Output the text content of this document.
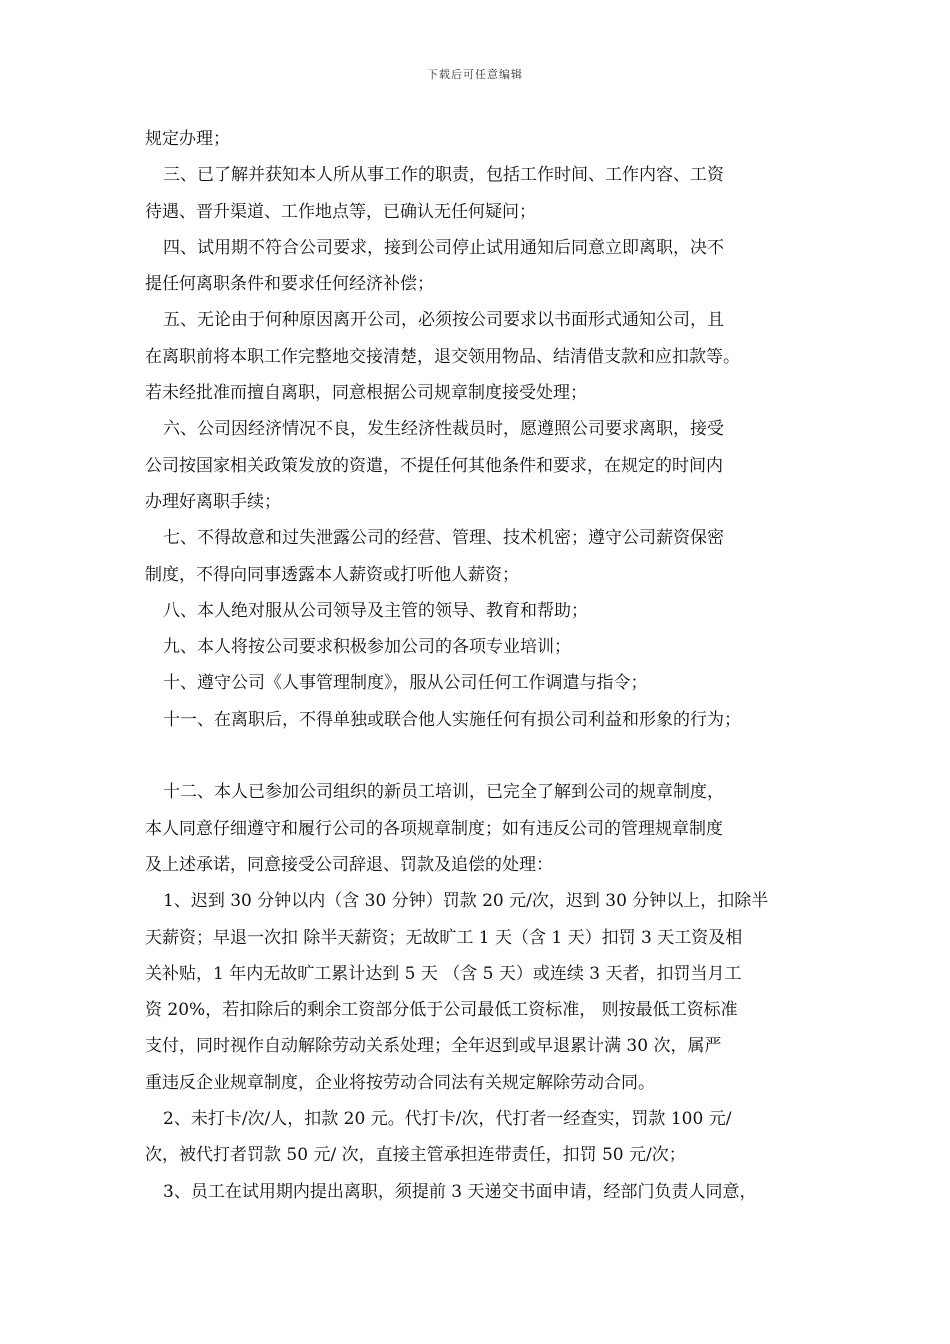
下载后可任意编辑

规定办理；

三、已了解并获知本人所从事工作的职责，包括工作时间、工作内容、工资

待遇、晋升渠道、工作地点等，已确认无任何疑问；

四、试用期不符合公司要求，接到公司停止试用通知后同意立即离职，决不

提任何离职条件和要求任何经济补偿；

五、无论由于何种原因离开公司，必须按公司要求以书面形式通知公司，且

在离职前将本职工作完整地交接清楚，退交领用物品、结清借支款和应扣款等。

若未经批准而擅自离职，同意根据公司规章制度接受处理；

六、公司因经济情况不良，发生经济性裁员时，愿遵照公司要求离职，接受

公司按国家相关政策发放的资遣，不提任何其他条件和要求，在规定的时间内

办理好离职手续；

七、不得故意和过失泄露公司的经营、管理、技术机密；遵守公司薪资保密

制度，不得向同事透露本人薪资或打听他人薪资；

八、本人绝对服从公司领导及主管的领导、教育和帮助；

九、本人将按公司要求积极参加公司的各项专业培训；

十、遵守公司《人事管理制度》，服从公司任何工作调遣与指令；

十一、在离职后，不得单独或联合他人实施任何有损公司利益和形象的行为；

十二、本人已参加公司组织的新员工培训，已完全了解到公司的规章制度，

本人同意仔细遵守和履行公司的各项规章制度；如有违反公司的管理规章制度

及上述承诺，同意接受公司辞退、罚款及追偿的处理：

1、迟到 30 分钟以内（含 30 分钟）罚款 20 元/次，迟到 30 分钟以上，扣除半

天薪资；早退一次扣 除半天薪资；无故旷工 1 天（含 1 天）扣罚 3 天工资及相

关补贴，1 年内无故旷工累计达到 5 天 （含 5 天）或连续 3 天者，扣罚当月工

资 20%，若扣除后的剩余工资部分低于公司最低工资标准， 则按最低工资标准

支付，同时视作自动解除劳动关系处理；全年迟到或早退累计满 30 次，属严

重违反企业规章制度，企业将按劳动合同法有关规定解除劳动合同。

2、未打卡/次/人，扣款 20 元。代打卡/次，代打者一经查实，罚款 100 元/

次，被代打者罚款 50 元/ 次，直接主管承担连带责任，扣罚 50 元/次；

3、员工在试用期内提出离职，须提前 3 天递交书面申请，经部门负责人同意，
